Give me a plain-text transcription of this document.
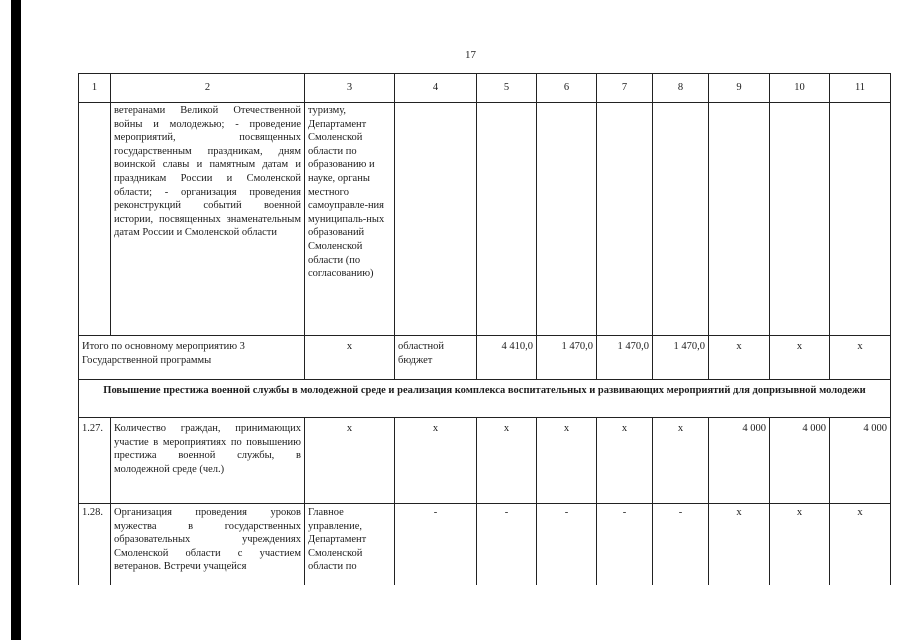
17
1	2	3	4	5	6	7	8	9	10	11
	ветеранами Великой Отечественной войны и молодежью; - проведение мероприятий, посвященных государственным праздникам, дням воинской славы и памятным датам и праздникам России и Смоленской области; - организация проведения реконструкций событий военной истории, посвященных знаменательным датам России и Смоленской области	туризму, Департамент Смоленской области по образованию и науке, органы местного самоуправле-ния муниципаль-ных образований Смоленской области (по согласованию)								
Итого по основному мероприятию 3 Государственной программы		x	областной бюджет	4 410,0	1 470,0	1 470,0	1 470,0	x	x	x
Повышение престижа военной службы в молодежной среде и реализация комплекса воспитательных и развивающих мероприятий для допризывной молодежи										
1.27.	Количество граждан, принимающих участие в мероприятиях по повышению престижа военной службы, в молодежной среде (чел.)	x	x	x	x	x	x	4 000	4 000	4 000
1.28.	Организация проведения уроков мужества в государственных образовательных учреждениях Смоленской области с участием ветеранов. Встречи учащейся	Главное управление, Департамент Смоленской области по	-	-	-	-	-	x	x	x
